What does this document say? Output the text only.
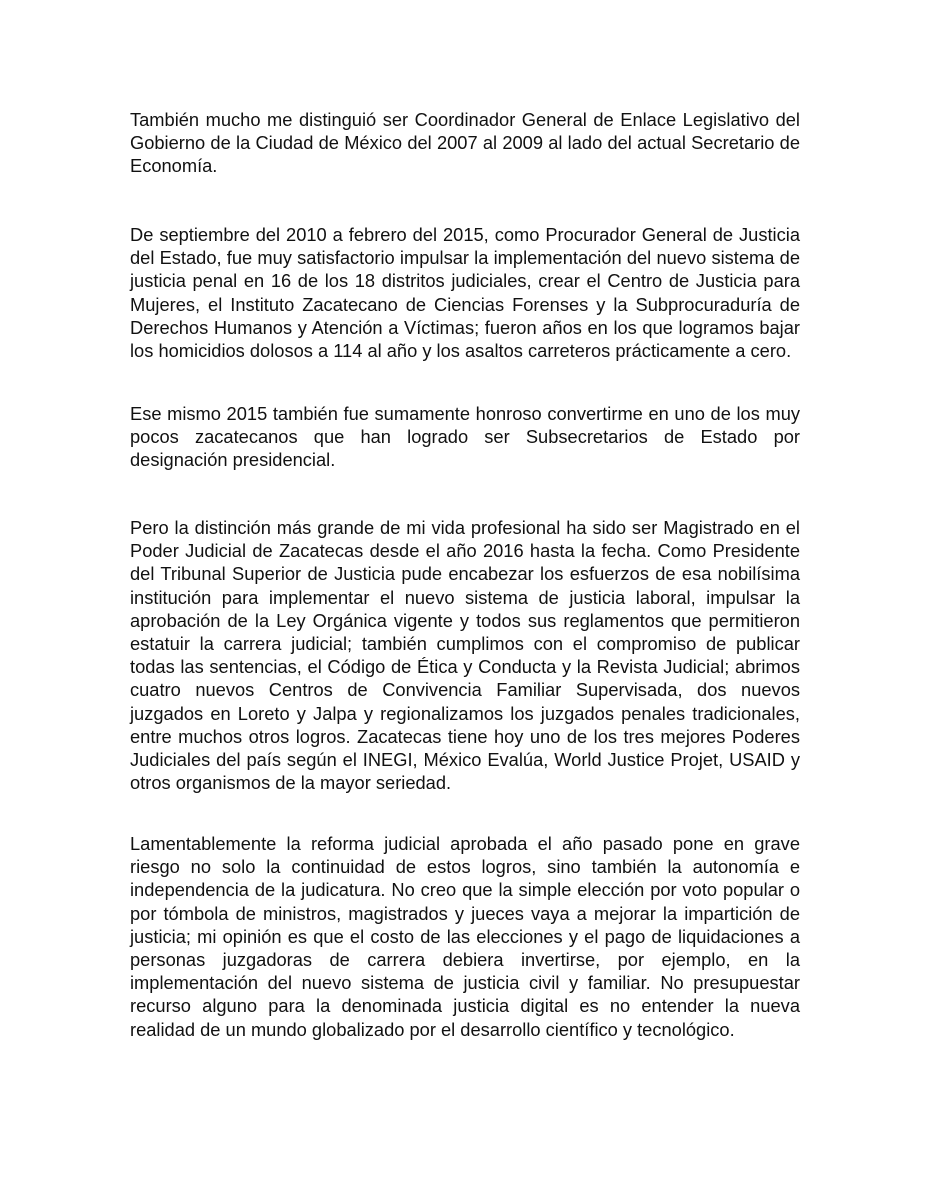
También mucho me distinguió ser Coordinador General de Enlace Legislativo del Gobierno de la Ciudad de México del 2007 al 2009 al lado del actual Secretario de Economía.

De septiembre del 2010 a febrero del 2015, como Procurador General de Justicia del Estado, fue muy satisfactorio impulsar la implementación del nuevo sistema de justicia penal en 16 de los 18 distritos judiciales, crear el Centro de Justicia para Mujeres, el Instituto Zacatecano de Ciencias Forenses y la Subprocuraduría de Derechos Humanos y Atención a Víctimas; fueron años en los que logramos bajar los homicidios dolosos a 114 al año y los asaltos carreteros prácticamente a cero.

Ese mismo 2015 también fue sumamente honroso convertirme en uno de los muy pocos zacatecanos que han logrado ser Subsecretarios de Estado por designación presidencial.

Pero la distinción más grande de mi vida profesional ha sido ser Magistrado en el Poder Judicial de Zacatecas desde el año 2016 hasta la fecha. Como Presidente del Tribunal Superior de Justicia pude encabezar los esfuerzos de esa nobilísima institución para implementar el nuevo sistema de justicia laboral, impulsar la aprobación de la Ley Orgánica vigente y todos sus reglamentos que permitieron estatuir la carrera judicial; también cumplimos con el compromiso de publicar todas las sentencias, el Código de Ética y Conducta y la Revista Judicial; abrimos cuatro nuevos Centros de Convivencia Familiar Supervisada, dos nuevos juzgados en Loreto y Jalpa y regionalizamos los juzgados penales tradicionales, entre muchos otros logros. Zacatecas tiene hoy uno de los tres mejores Poderes Judiciales del país según el INEGI, México Evalúa, World Justice Projet, USAID y otros organismos de la mayor seriedad.

Lamentablemente la reforma judicial aprobada el año pasado pone en grave riesgo no solo la continuidad de estos logros, sino también la autonomía e independencia de la judicatura. No creo que la simple elección por voto popular o por tómbola de ministros, magistrados y jueces vaya a mejorar la impartición de justicia; mi opinión es que el costo de las elecciones y el pago de liquidaciones a personas juzgadoras de carrera debiera invertirse, por ejemplo, en la implementación del nuevo sistema de justicia civil y familiar. No presupuestar recurso alguno para la denominada justicia digital es no entender la nueva realidad de un mundo globalizado por el desarrollo científico y tecnológico.
